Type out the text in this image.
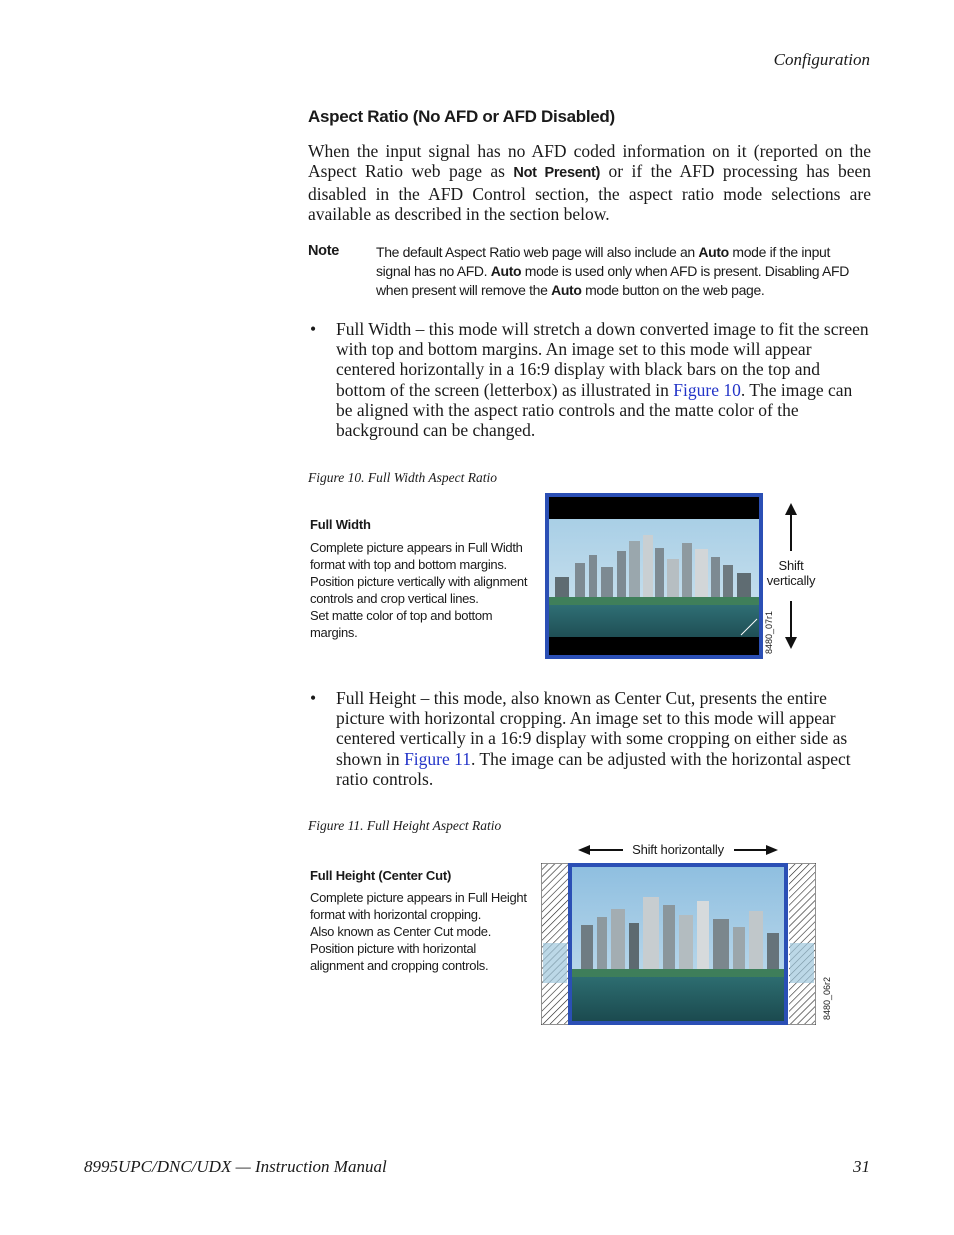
Configuration
Aspect Ratio (No AFD or AFD Disabled)
When the input signal has no AFD coded information on it (reported on the Aspect Ratio web page as Not Present) or if the AFD processing has been disabled in the AFD Control section, the aspect ratio mode selections are available as described in the section below.
Note	The default Aspect Ratio web page will also include an Auto mode if the input signal has no AFD. Auto mode is used only when AFD is present. Disabling AFD when present will remove the Auto mode button on the web page.
• Full Width – this mode will stretch a down converted image to fit the screen with top and bottom margins. An image set to this mode will appear centered horizontally in a 16:9 display with black bars on the top and bottom of the screen (letterbox) as illustrated in Figure 10. The image can be aligned with the aspect ratio controls and the matte color of the background can be changed.
Figure 10. Full Width Aspect Ratio
Full Width
Complete picture appears in Full Width
format with top and bottom margins.
Position picture vertically with alignment
controls and crop vertical lines.
Set matte color of top and bottom
margins.
Shift
vertically
8480_07r1
• Full Height – this mode, also known as Center Cut, presents the entire picture with horizontal cropping. An image set to this mode will appear centered vertically in a 16:9 display with some cropping on either side as shown in Figure 11. The image can be adjusted with the horizontal aspect ratio controls.
Figure 11. Full Height Aspect Ratio
Full Height (Center Cut)
Complete picture appears in Full Height
format with horizontal cropping.
Also known as Center Cut mode.
Position picture with horizontal
alignment and cropping controls.
Shift horizontally
8480_06r2
8995UPC/DNC/UDX — Instruction Manual	31
